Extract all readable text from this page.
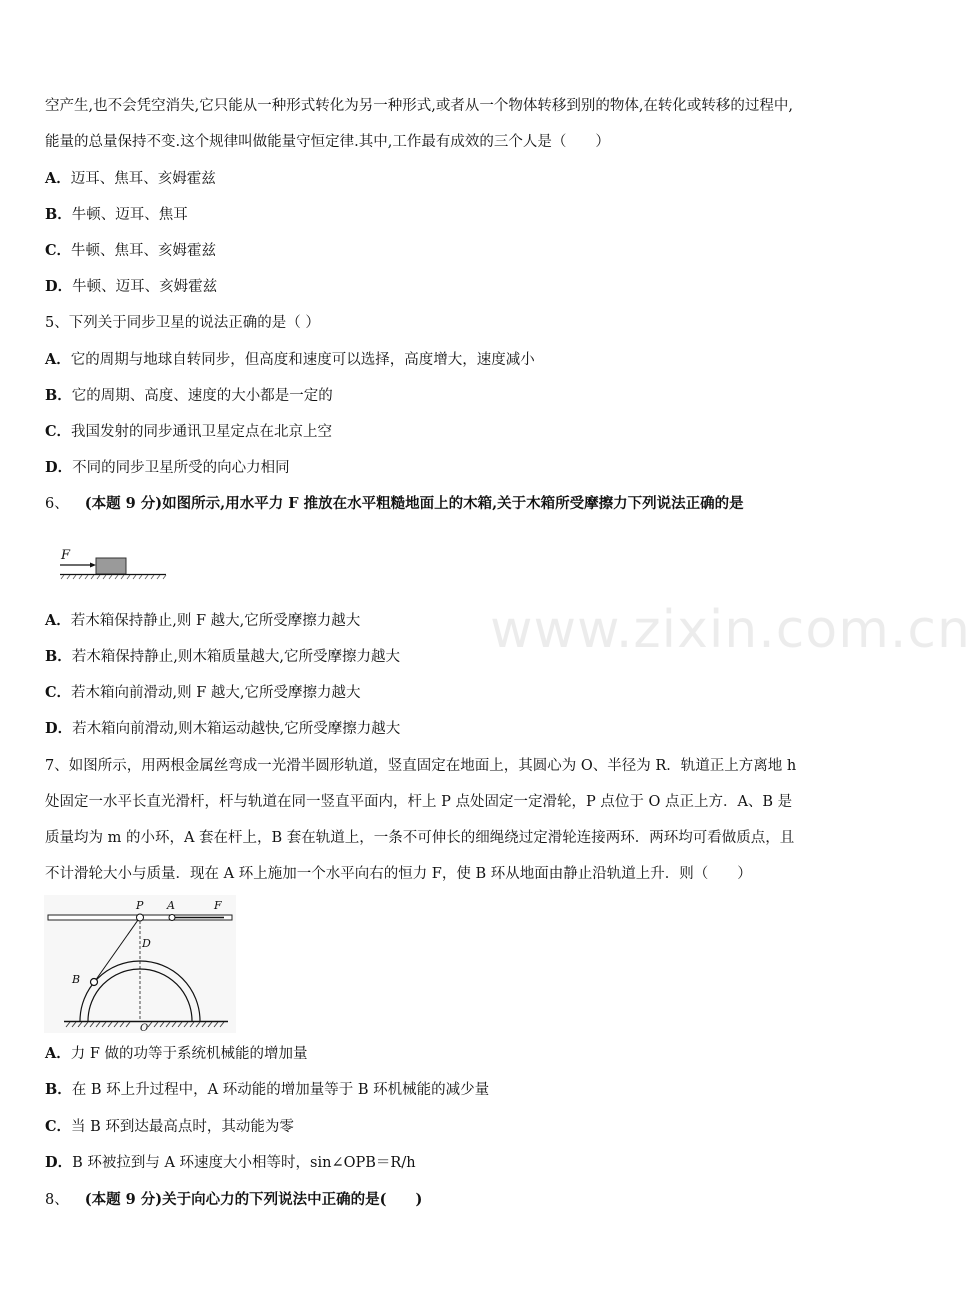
www.zixin.com.cn
空产生,也不会凭空消失,它只能从一种形式转化为另一种形式,或者从一个物体转移到别的物体,在转化或转移的过程中,
能量的总量保持不变.这个规律叫做能量守恒定律.其中,工作最有成效的三个人是（　　）
A．迈耳、焦耳、亥姆霍兹
B．牛顿、迈耳、焦耳
C．牛顿、焦耳、亥姆霍兹
D．牛顿、迈耳、亥姆霍兹
5、下列关于同步卫星的说法正确的是（ ）
A．它的周期与地球自转同步，但高度和速度可以选择，高度增大，速度减小
B．它的周期、高度、速度的大小都是一定的
C．我国发射的同步通讯卫星定点在北京上空
D．不同的同步卫星所受的向心力相同
6、 (本题 9 分)如图所示,用水平力 F 推放在水平粗糙地面上的木箱,关于木箱所受摩擦力下列说法正确的是
F
A．若木箱保持静止,则 F 越大,它所受摩擦力越大
B．若木箱保持静止,则木箱质量越大,它所受摩擦力越大
C．若木箱向前滑动,则 F 越大,它所受摩擦力越大
D．若木箱向前滑动,则木箱运动越快,它所受摩擦力越大
7、如图所示，用两根金属丝弯成一光滑半圆形轨道，竖直固定在地面上，其圆心为 O、半径为 R．轨道正上方离地 h
处固定一水平长直光滑杆，杆与轨道在同一竖直平面内，杆上 P 点处固定一定滑轮，P 点位于 O 点正上方．A、B 是
质量均为 m 的小环，A 套在杆上，B 套在轨道上，一条不可伸长的细绳绕过定滑轮连接两环．两环均可看做质点，且
不计滑轮大小与质量．现在 A 环上施加一个水平向右的恒力 F，使 B 环从地面由静止沿轨道上升．则（　　）
P A	F
D
B
O
A．力 F 做的功等于系统机械能的增加量
B．在 B 环上升过程中，A 环动能的增加量等于 B 环机械能的减少量
C．当 B 环到达最高点时，其动能为零
D．B 环被拉到与 A 环速度大小相等时，sin∠OPB＝R/h
8、 (本题 9 分)关于向心力的下列说法中正确的是(　　)
